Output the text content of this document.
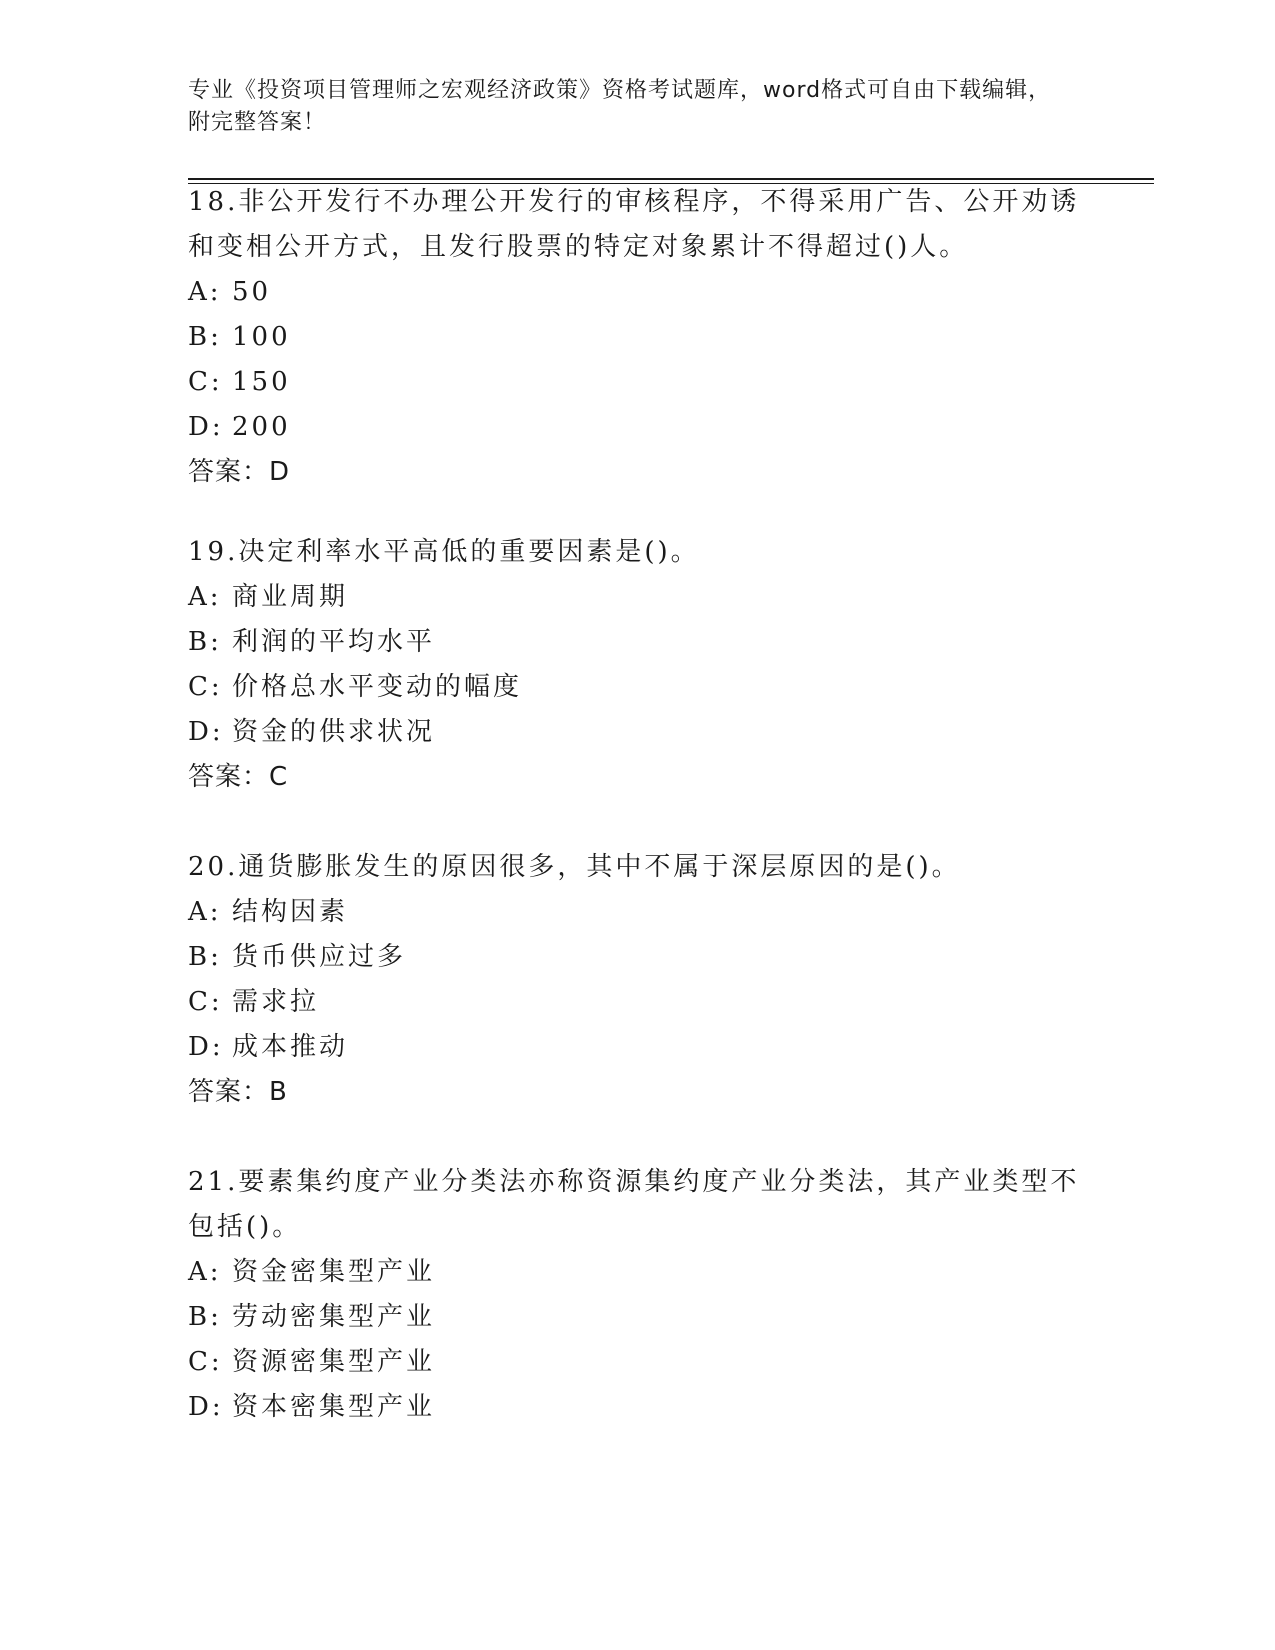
专业《投资项目管理师之宏观经济政策》资格考试题库，word格式可自由下载编辑，附完整答案！

18.非公开发行不办理公开发行的审核程序，不得采用广告、公开劝诱和变相公开方式，且发行股票的特定对象累计不得超过()人。

A: 50
B: 100
C: 150
D: 200
答案：D

19.决定利率水平高低的重要因素是()。

A: 商业周期
B: 利润的平均水平
C: 价格总水平变动的幅度
D: 资金的供求状况
答案：C

20.通货膨胀发生的原因很多，其中不属于深层原因的是()。

A: 结构因素
B: 货币供应过多
C: 需求拉
D: 成本推动
答案：B

21.要素集约度产业分类法亦称资源集约度产业分类法，其产业类型不包括()。

A: 资金密集型产业
B: 劳动密集型产业
C: 资源密集型产业
D: 资本密集型产业
